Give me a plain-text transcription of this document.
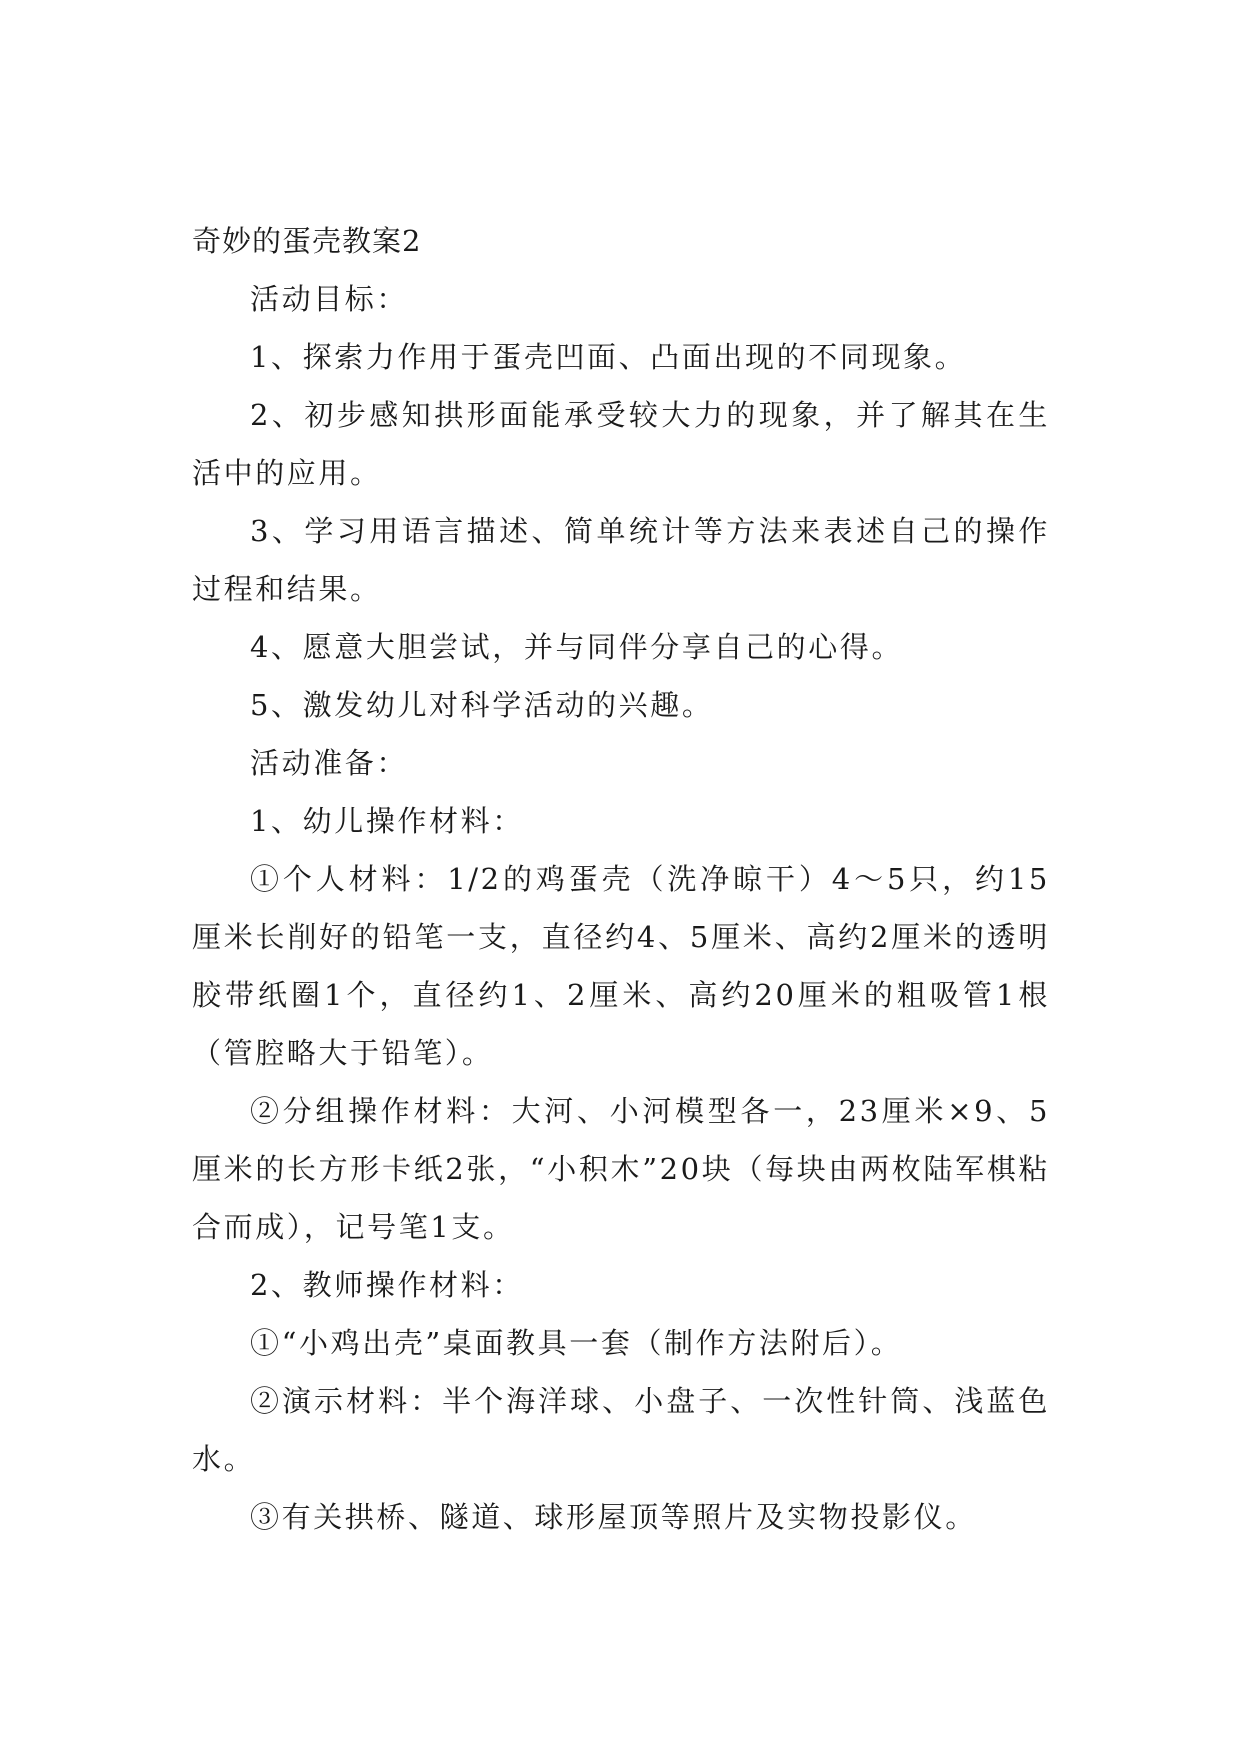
奇妙的蛋壳教案2

活动目标：

1、探索力作用于蛋壳凹面、凸面出现的不同现象。

2、初步感知拱形面能承受较大力的现象，并了解其在生活中的应用。

3、学习用语言描述、简单统计等方法来表述自己的操作过程和结果。

4、愿意大胆尝试，并与同伴分享自己的心得。

5、激发幼儿对科学活动的兴趣。

活动准备：

1、幼儿操作材料：

①个人材料：1/2的鸡蛋壳（洗净晾干）4～5只，约15厘米长削好的铅笔一支，直径约4、5厘米、高约2厘米的透明胶带纸圈1个，直径约1、2厘米、高约20厘米的粗吸管1根（管腔略大于铅笔）。

②分组操作材料：大河、小河模型各一，23厘米×9、5厘米的长方形卡纸2张，“小积木”20块（每块由两枚陆军棋粘合而成），记号笔1支。

2、教师操作材料：

①“小鸡出壳”桌面教具一套（制作方法附后）。

②演示材料：半个海洋球、小盘子、一次性针筒、浅蓝色水。

③有关拱桥、隧道、球形屋顶等照片及实物投影仪。
